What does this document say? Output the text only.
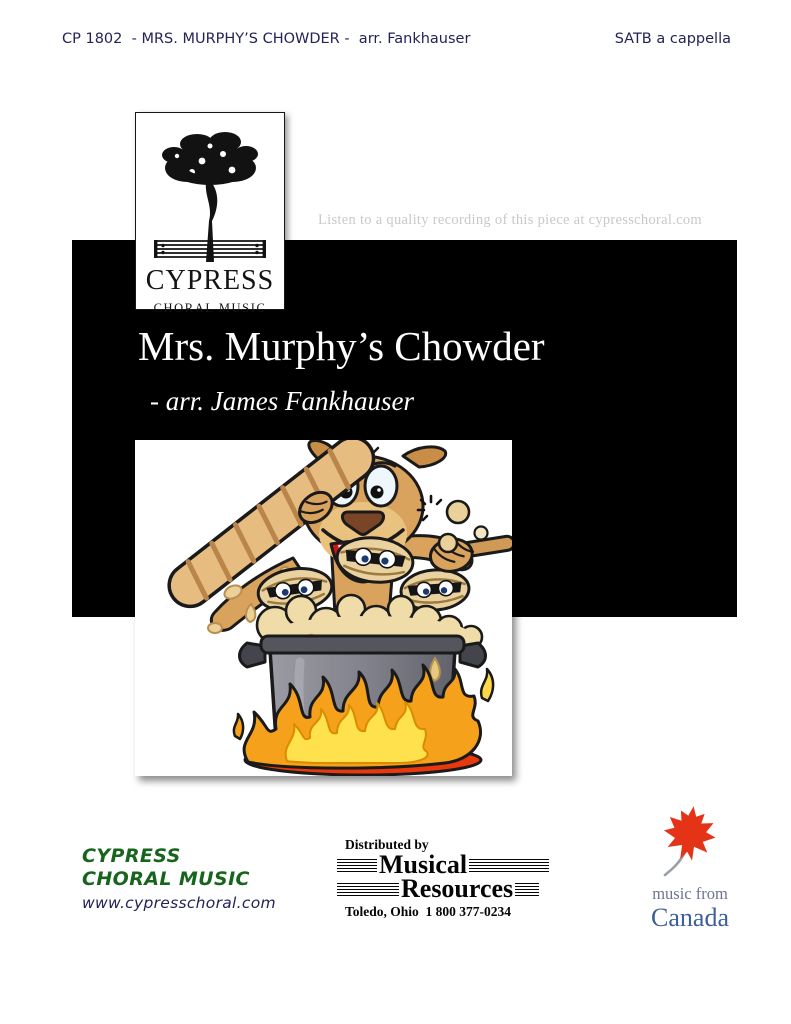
CP 1802  - MRS. MURPHY’S CHOWDER -  arr. Fankhauser	SATB a cappella
CYPRESS
CHORAL MUSIC
Listen to a quality recording of this piece at cypresschoral.com
Mrs. Murphy’s Chowder
- arr. James Fankhauser
CYPRESS
CHORAL MUSIC
www.cypresschoral.com
Distributed by
Musical
Resources
Toledo, Ohio  1 800 377-0234
music from
Canada
